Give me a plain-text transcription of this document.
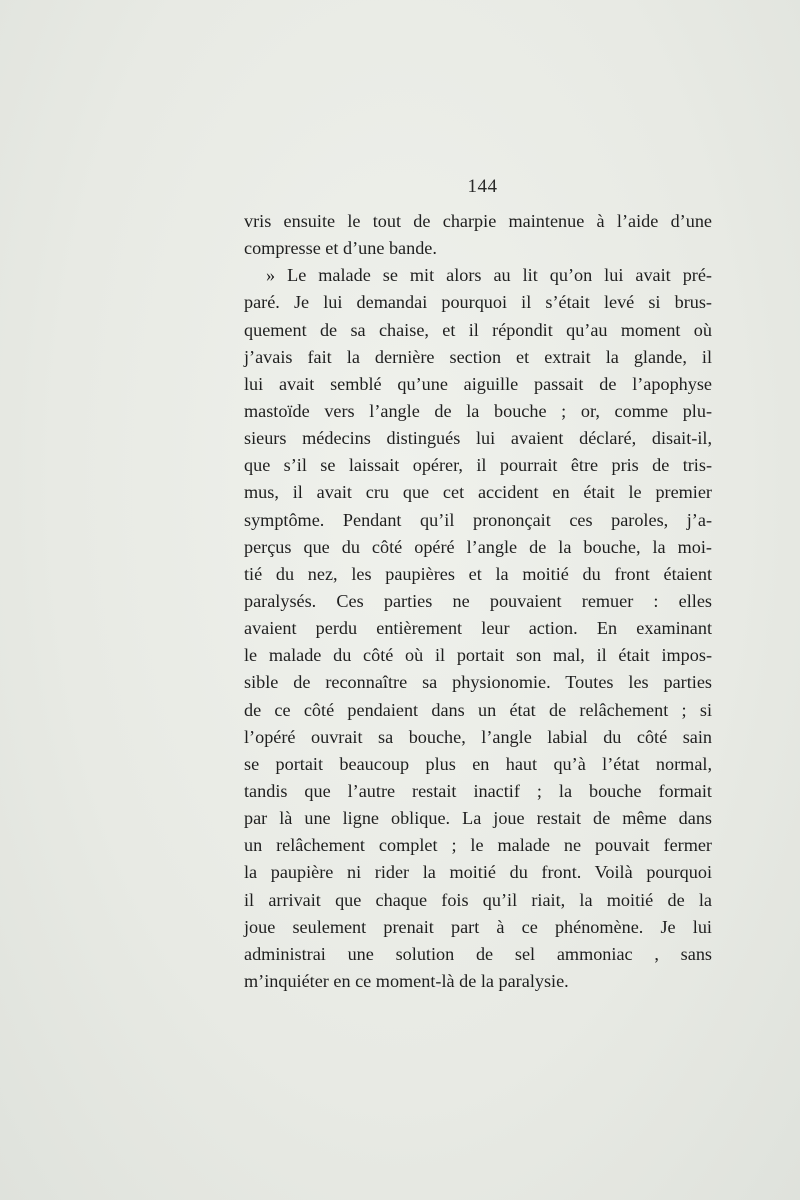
144
vris ensuite le tout de charpie maintenue à l’aide d’une
compresse et d’une bande.
» Le malade se mit alors au lit qu’on lui avait pré-
paré. Je lui demandai pourquoi il s’était levé si brus-
quement de sa chaise, et il répondit qu’au moment où
j’avais fait la dernière section et extrait la glande, il
lui avait semblé qu’une aiguille passait de l’apophyse
mastoïde vers l’angle de la bouche ; or, comme plu-
sieurs médecins distingués lui avaient déclaré, disait-il,
que s’il se laissait opérer, il pourrait être pris de tris-
mus, il avait cru que cet accident en était le premier
symptôme. Pendant qu’il prononçait ces paroles, j’a-
perçus que du côté opéré l’angle de la bouche, la moi-
tié du nez, les paupières et la moitié du front étaient
paralysés. Ces parties ne pouvaient remuer : elles
avaient perdu entièrement leur action. En examinant
le malade du côté où il portait son mal, il était impos-
sible de reconnaître sa physionomie. Toutes les parties
de ce côté pendaient dans un état de relâchement ; si
l’opéré ouvrait sa bouche, l’angle labial du côté sain
se portait beaucoup plus en haut qu’à l’état normal,
tandis que l’autre restait inactif ; la bouche formait
par là une ligne oblique. La joue restait de même dans
un relâchement complet ; le malade ne pouvait fermer
la paupière ni rider la moitié du front. Voilà pourquoi
il arrivait que chaque fois qu’il riait, la moitié de la
joue seulement prenait part à ce phénomène. Je lui
administrai une solution de sel ammoniac , sans
m’inquiéter en ce moment-là de la paralysie.
